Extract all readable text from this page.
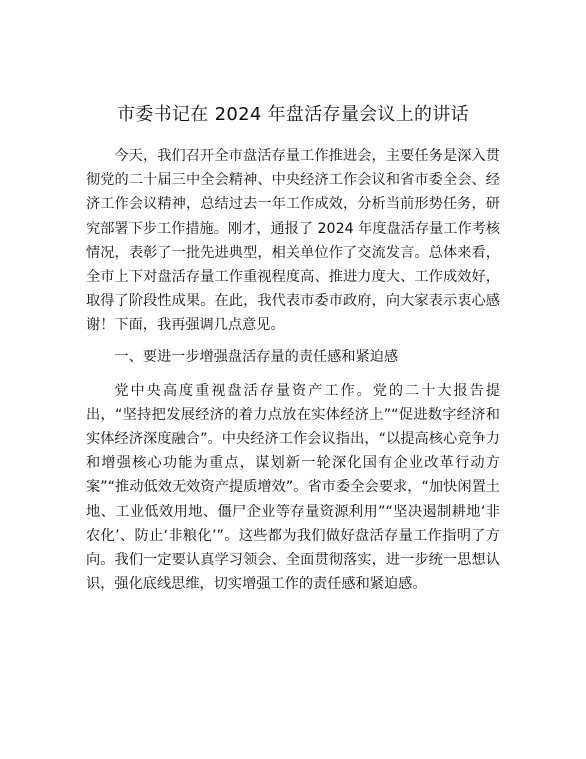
市委书记在 2024 年盘活存量会议上的讲话

今天，我们召开全市盘活存量工作推进会，主要任务是深入贯彻党的二十届三中全会精神、中央经济工作会议和省市委全会、经济工作会议精神，总结过去一年工作成效，分析当前形势任务，研究部署下步工作措施。刚才，通报了 2024 年度盘活存量工作考核情况，表彰了一批先进典型，相关单位作了交流发言。总体来看，全市上下对盘活存量工作重视程度高、推进力度大、工作成效好，取得了阶段性成果。在此，我代表市委市政府，向大家表示衷心感谢！下面，我再强调几点意见。

一、要进一步增强盘活存量的责任感和紧迫感

党中央高度重视盘活存量资产工作。党的二十大报告提出，“坚持把发展经济的着力点放在实体经济上”“促进数字经济和实体经济深度融合”。中央经济工作会议指出，“以提高核心竞争力和增强核心功能为重点，谋划新一轮深化国有企业改革行动方案”“推动低效无效资产提质增效”。省市委全会要求，“加快闲置土地、工业低效用地、僵尸企业等存量资源利用”“坚决遏制耕地‘非农化’、防止‘非粮化’”。这些都为我们做好盘活存量工作指明了方向。我们一定要认真学习领会、全面贯彻落实，进一步统一思想认识，强化底线思维，切实增强工作的责任感和紧迫感。
